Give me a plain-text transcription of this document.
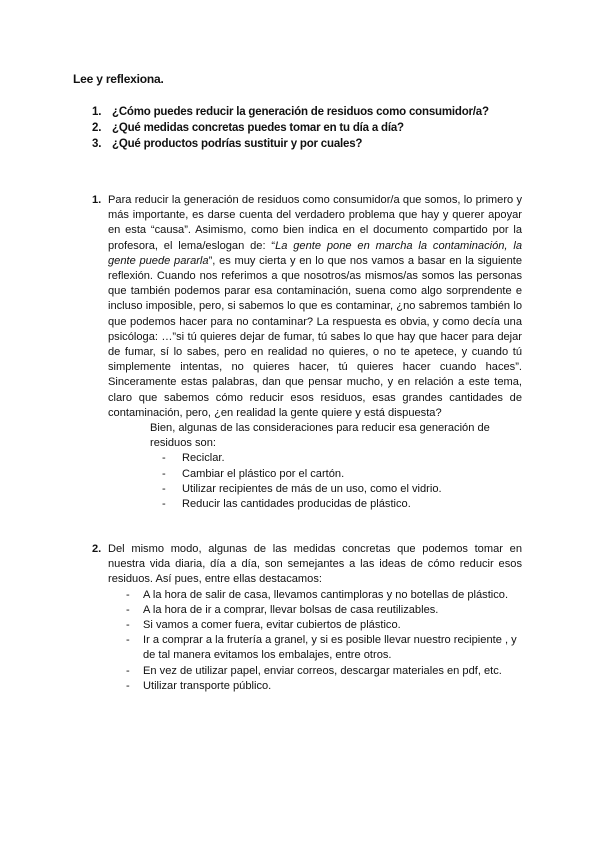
Lee y reflexiona.
1. ¿Cómo puedes reducir la generación de residuos como consumidor/a?
2. ¿Qué medidas concretas puedes tomar en tu día a día?
3. ¿Qué productos podrías sustituir y por cuales?
1. Para reducir la generación de residuos como consumidor/a que somos, lo primero y más importante, es darse cuenta del verdadero problema que hay y querer apoyar en esta “causa”. Asimismo, como bien indica en el documento compartido por la profesora, el lema/eslogan de: “La gente pone en marcha la contaminación, la gente puede pararla”, es muy cierta y en lo que nos vamos a basar en la siguiente reflexión. Cuando nos referimos a que nosotros/as mismos/as somos las personas que también podemos parar esa contaminación, suena como algo sorprendente e incluso imposible, pero, si sabemos lo que es contaminar, ¿no sabremos también lo que podemos hacer para no contaminar? La respuesta es obvia, y como decía una psicóloga: …”si tú quieres dejar de fumar, tú sabes lo que hay que hacer para dejar de fumar, sí lo sabes, pero en realidad no quieres, o no te apetece, y cuando tú simplemente intentas, no quieres hacer, tú quieres hacer cuando haces”. Sinceramente estas palabras, dan que pensar mucho, y en relación a este tema, claro que sabemos cómo reducir esos residuos, esas grandes cantidades de contaminación, pero, ¿en realidad la gente quiere y está dispuesta?

Bien, algunas de las consideraciones para reducir esa generación de residuos son:

-	Reciclar.
-	Cambiar el plástico por el cartón.
-	Utilizar recipientes de más de un uso, como el vidrio.
-	Reducir las cantidades producidas de plástico.
2. Del mismo modo, algunas de las medidas concretas que podemos tomar en nuestra vida diaria, día a día, son semejantes a las ideas de cómo reducir esos residuos. Así pues, entre ellas destacamos:

-	A la hora de salir de casa, llevamos cantimploras y no botellas de plástico.
-	A la hora de ir a comprar, llevar bolsas de casa reutilizables.
-	Si vamos a comer fuera, evitar cubiertos de plástico.
-	Ir a comprar a la frutería a granel, y si es posible llevar nuestro recipiente , y de tal manera evitamos los embalajes, entre otros.
-	En vez de utilizar papel, enviar correos, descargar materiales en pdf, etc.
-	Utilizar transporte público.
